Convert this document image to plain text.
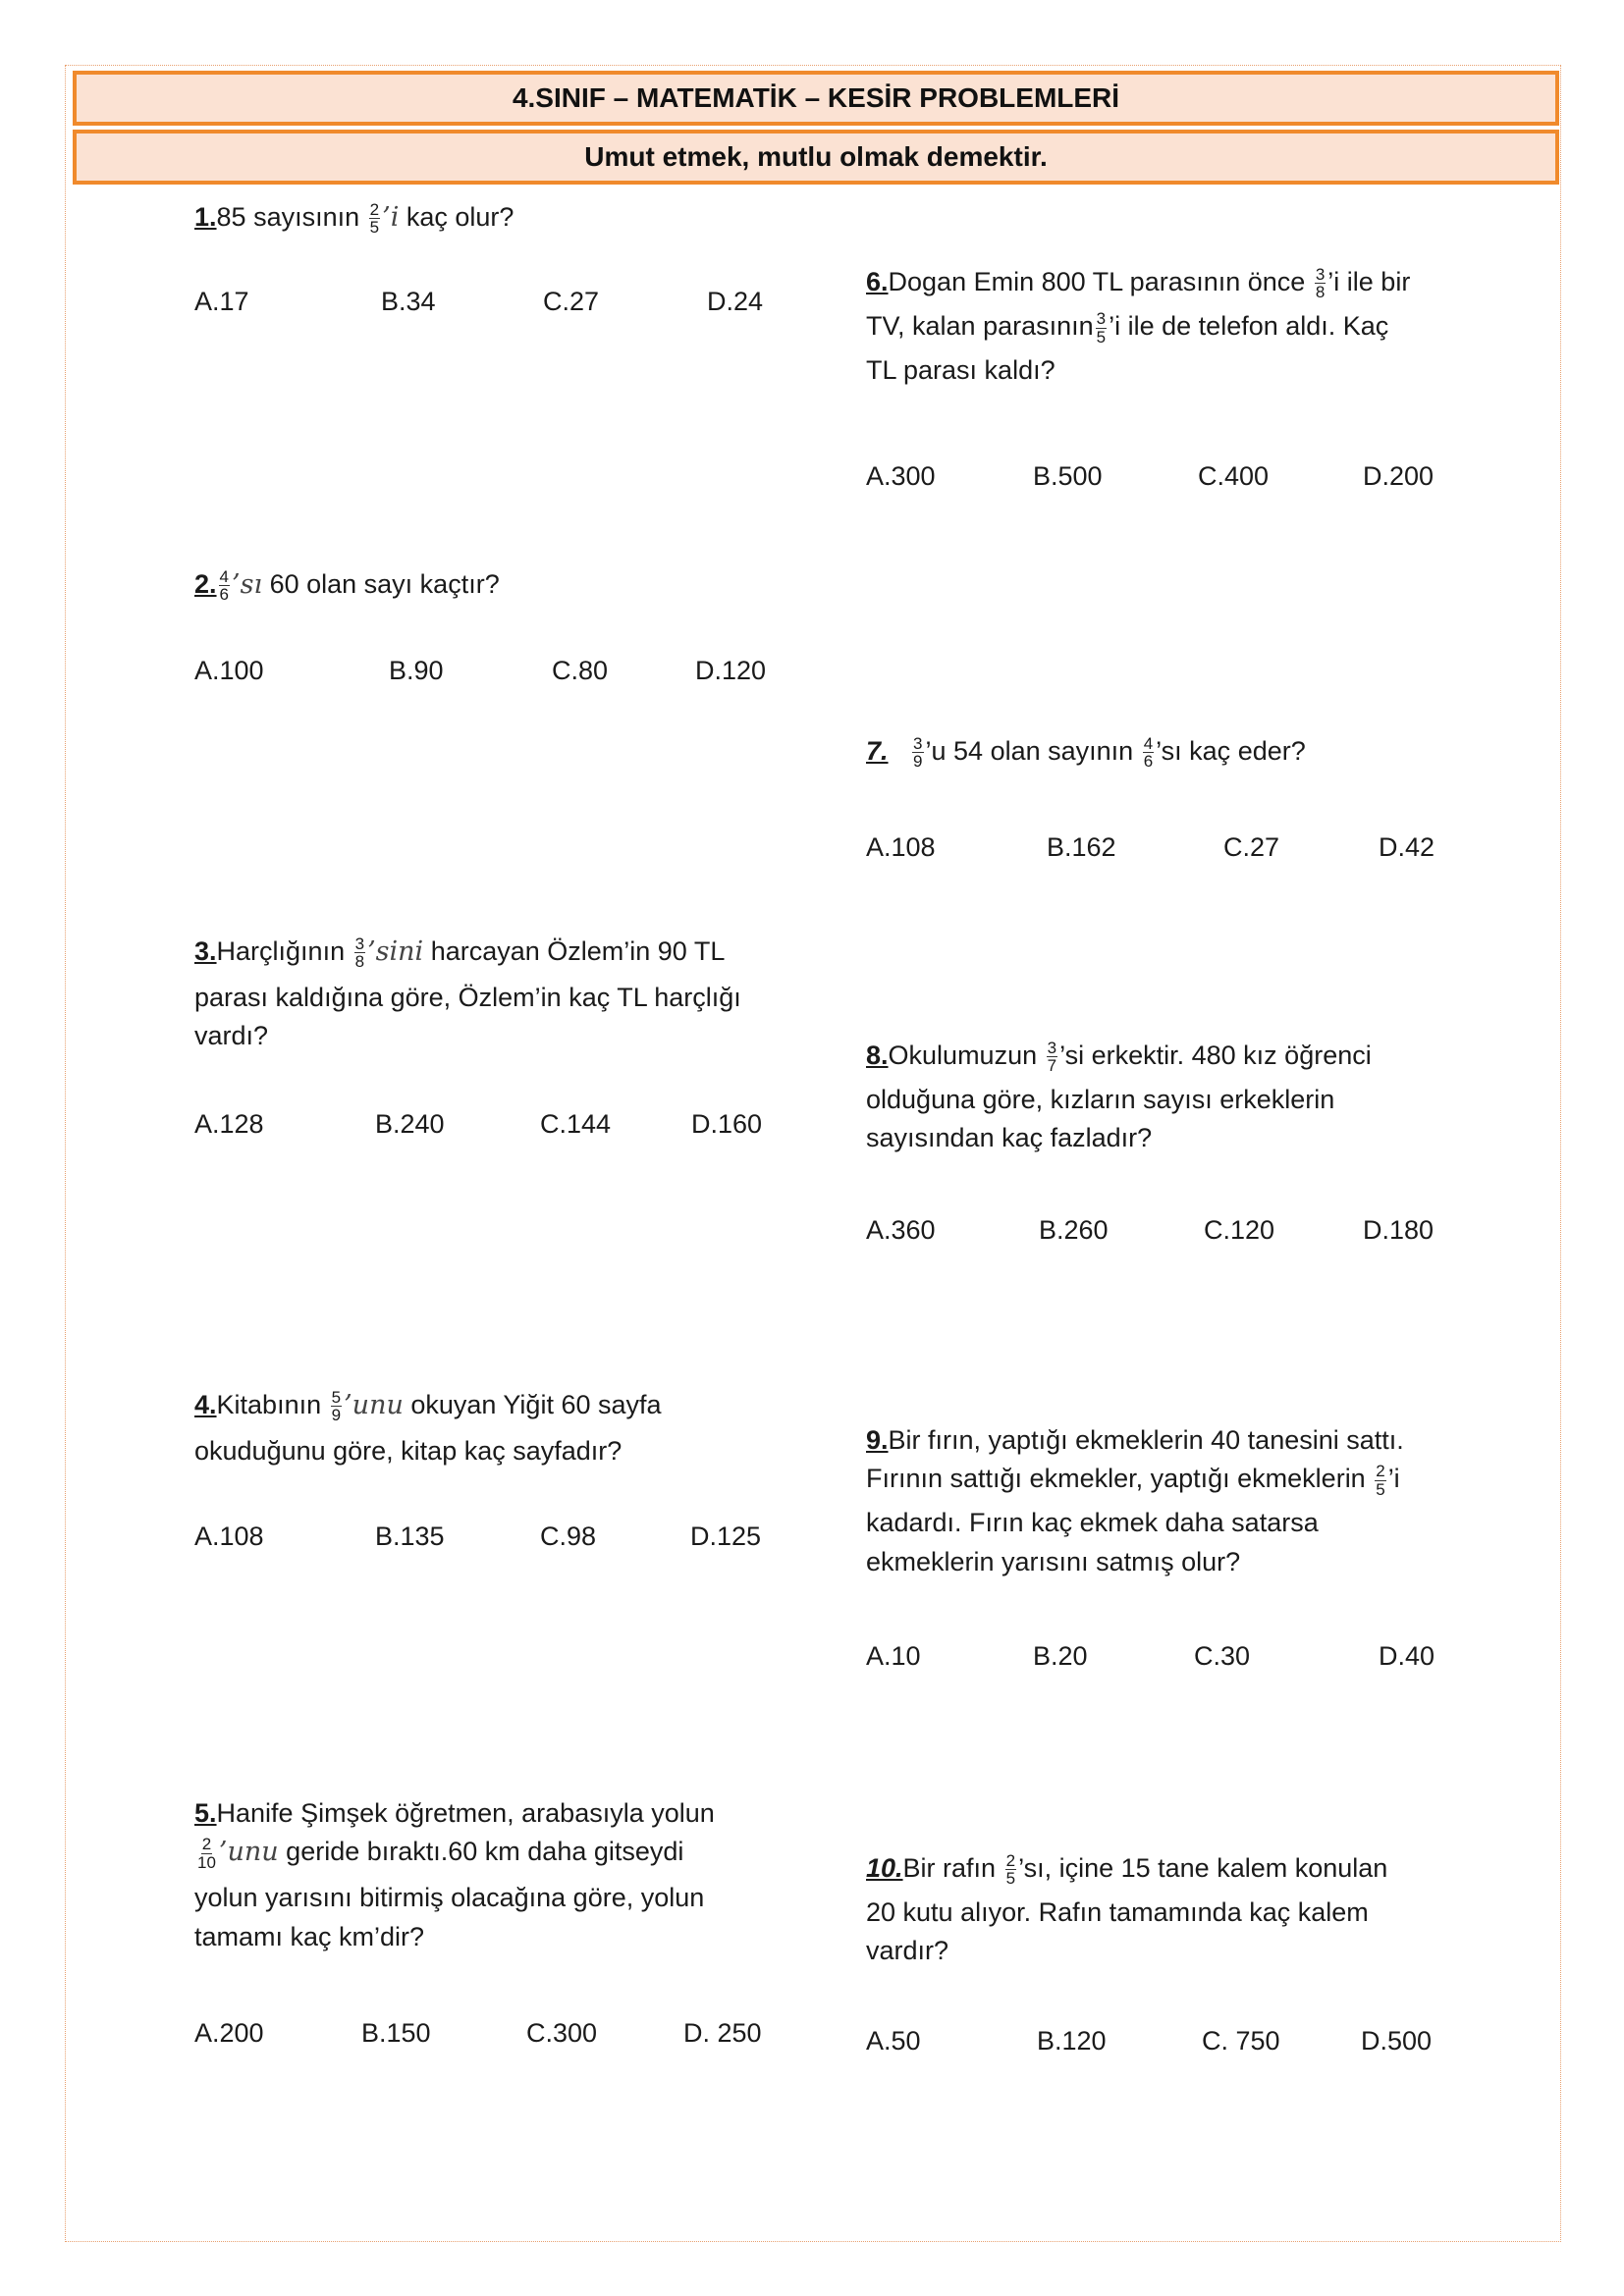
4.SINIF – MATEMATİK – KESİR PROBLEMLERİ
Umut etmek, mutlu olmak demektir.

1.85 sayısının $\frac{2}{5}$ ’i kaç olur?

A.17	B.34	C.27	D.24

2. $\frac{4}{6}$ ’sı 60 olan sayı kaçtır?

A.100	B.90	C.80	D.120

3.Harçlığının $\frac{3}{8}$ ’sini harcayan Özlem’in 90 TL

parası kaldığına göre, Özlem’in kaç TL harçlığı

vardı?

A.128	B.240	C.144	D.160

4.Kitabının $\frac{5}{9}$ ’unu okuyan Yiğit 60 sayfa

okuduğunu göre, kitap kaç sayfadır?

A.108	B.135	C.98	D.125

5.Hanife Şimşek öğretmen, arabasıyla yolun

$\frac{2}{10}$ ’unu geride bıraktı.60 km daha gitseydi

yolun yarısını bitirmiş olacağına göre, yolun

tamamı kaç km’dir?

A.200	B.150	C.300	D. 250

6.Dogan Emin 800 TL parasının önce $\frac{3}{8}$ ’i ile bir

TV, kalan parasının $\frac{3}{5}$ ’i ile de telefon aldı. Kaç

TL parası kaldı?

A.300	B.500	C.400	D.200

7. $\frac{3}{9}$ ’u 54 olan sayının $\frac{4}{6}$ ’sı kaç eder?

A.108	B.162	C.27	D.42

8.Okulumuzun $\frac{3}{7}$ ’si erkektir. 480 kız öğrenci

olduğuna göre, kızların sayısı erkeklerin

sayısından kaç fazladır?

A.360	B.260	C.120	D.180

9.Bir fırın, yaptığı ekmeklerin 40 tanesini sattı.

Fırının sattığı ekmekler, yaptığı ekmeklerin $\frac{2}{5}$ ’i

kadardı. Fırın kaç ekmek daha satarsa

ekmeklerin yarısını satmış olur?

A.10	B.20	C.30	D.40

10.Bir rafın $\frac{2}{5}$ ’sı, içine 15 tane kalem konulan

20 kutu alıyor. Rafın tamamında kaç kalem

vardır?

A.50	B.120	C. 750	D.500
